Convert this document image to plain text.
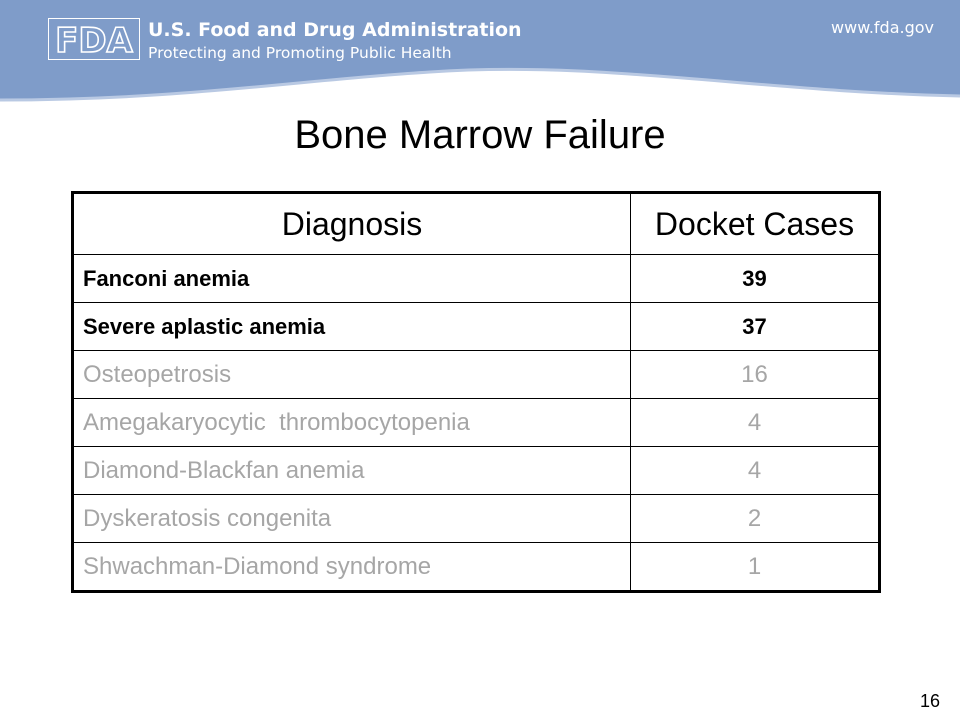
FDA U.S. Food and Drug Administration
Protecting and Promoting Public Health
www.fda.gov
Bone Marrow Failure
Diagnosis	Docket Cases
Fanconi anemia	39
Severe aplastic anemia	37
Osteopetrosis	16
Amegakaryocytic  thrombocytopenia	4
Diamond-Blackfan anemia	4
Dyskeratosis congenita	2
Shwachman-Diamond syndrome	1
16
